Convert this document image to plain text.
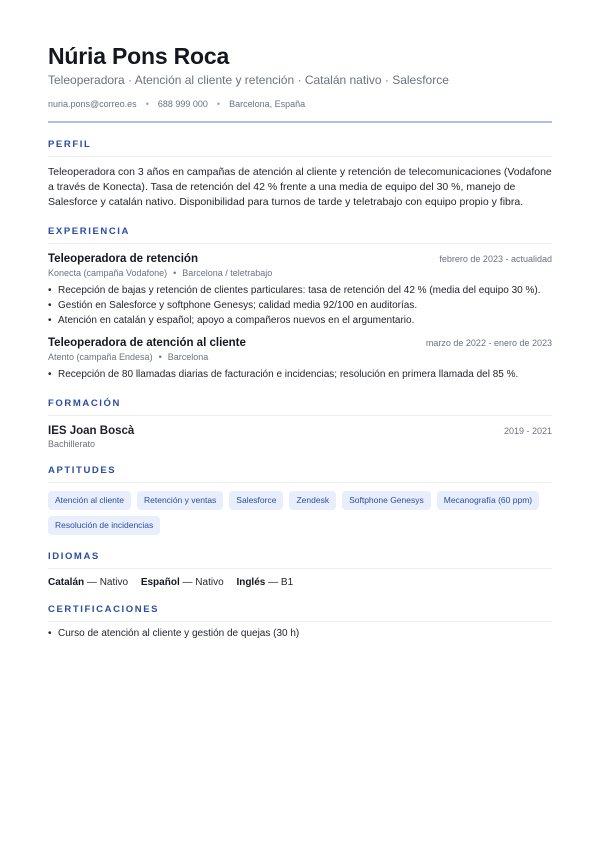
Núria Pons Roca
Teleoperadora · Atención al cliente y retención · Catalán nativo · Salesforce
nuria.pons@correo.es • 688 999 000 • Barcelona, España
PERFIL
Teleoperadora con 3 años en campañas de atención al cliente y retención de telecomunicaciones (Vodafone a través de Konecta). Tasa de retención del 42 % frente a una media de equipo del 30 %, manejo de Salesforce y catalán nativo. Disponibilidad para turnos de tarde y teletrabajo con equipo propio y fibra.
EXPERIENCIA
Teleoperadora de retención	febrero de 2023 - actualidad
Konecta (campaña Vodafone) • Barcelona / teletrabajo
• Recepción de bajas y retención de clientes particulares: tasa de retención del 42 % (media del equipo 30 %).
• Gestión en Salesforce y softphone Genesys; calidad media 92/100 en auditorías.
• Atención en catalán y español; apoyo a compañeros nuevos en el argumentario.
Teleoperadora de atención al cliente	marzo de 2022 - enero de 2023
Atento (campaña Endesa) • Barcelona
• Recepción de 80 llamadas diarias de facturación e incidencias; resolución en primera llamada del 85 %.
FORMACIÓN
IES Joan Boscà	2019 - 2021
Bachillerato
APTITUDES
Atención al cliente	Retención y ventas	Salesforce	Zendesk	Softphone Genesys	Mecanografía (60 ppm)
Resolución de incidencias
IDIOMAS
Catalán — Nativo Español — Nativo Inglés — B1
CERTIFICACIONES
• Curso de atención al cliente y gestión de quejas (30 h)
